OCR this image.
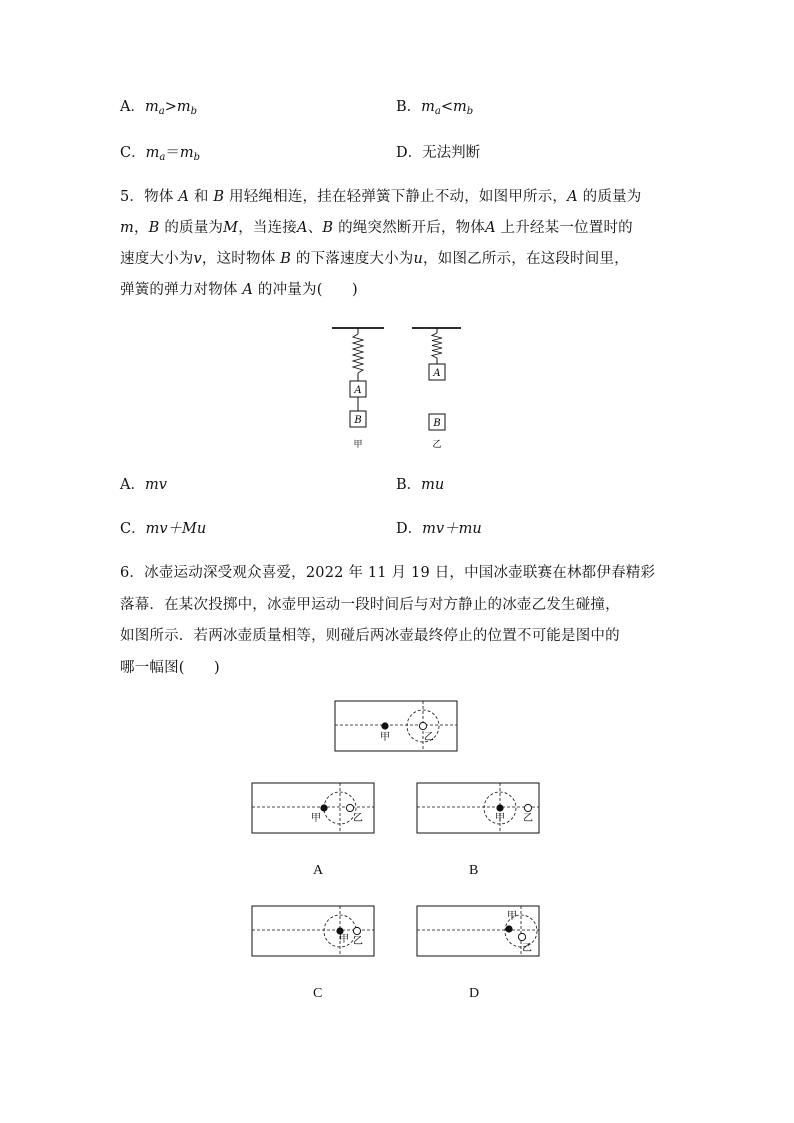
A．$m_a>m_b$	B．$m_a<m_b$
C．$m_a=m_b$	D．无法判断
5．物体 A 和 B 用轻绳相连，挂在轻弹簧下静止不动，如图甲所示，A 的质量为
m，B 的质量为M，当连接A、B 的绳突然断开后，物体A 上升经某一位置时的
速度大小为v，这时物体 B 的下落速度大小为u，如图乙所示，在这段时间里，
弹簧的弹力对物体 A 的冲量为(　　)
A
B
甲
A
B
乙
A．mv	B．mu
C．mv＋Mu	D．mv＋mu
6．冰壶运动深受观众喜爱，2022 年 11 月 19 日，中国冰壶联赛在林都伊春精彩
落幕．在某次投掷中，冰壶甲运动一段时间后与对方静止的冰壶乙发生碰撞，
如图所示．若两冰壶质量相等，则碰后两冰壶最终停止的位置不可能是图中的
哪一幅图(　　)
甲	乙
甲	乙
A
甲 乙
B
甲 乙
C
甲
乙
D
